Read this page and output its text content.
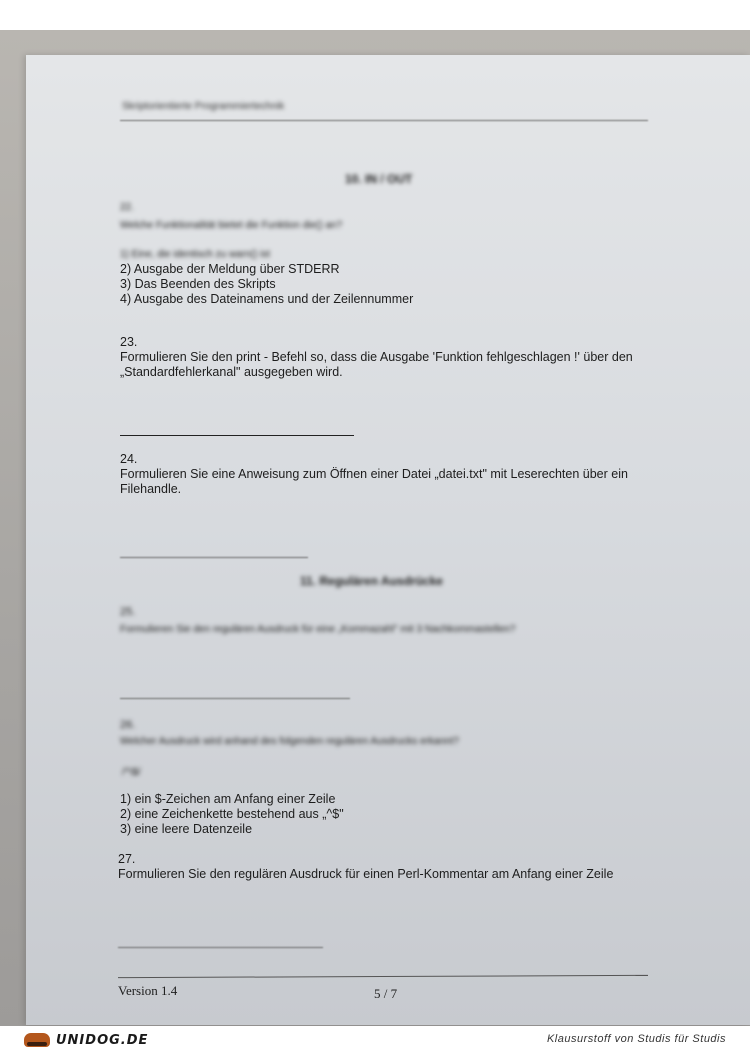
Skriptorientierte Programmiertechnik
10. IN / OUT
22.
Welche Funktionalität bietet die Funktion die() an?
1) Eine, die identisch zu warn() ist
2) Ausgabe der Meldung über STDERR
3) Das Beenden des Skripts
4) Ausgabe des Dateinamens und der Zeilennummer
23.
Formulieren Sie den print - Befehl so, dass die Ausgabe 'Funktion fehlgeschlagen !' über den
„Standardfehlerkanal" ausgegeben wird.
24.
Formulieren Sie eine Anweisung zum Öffnen einer Datei „datei.txt" mit Leserechten über ein
Filehandle.
11. Regulären Ausdrücke
25.
Formulieren Sie den regulären Ausdruck für eine „Kommazahl" mit 3 Nachkommastellen?
26.
Welcher Ausdruck wird anhand des folgenden regulären Ausdrucks erkannt?
/^\$/
1) ein $-Zeichen am Anfang einer Zeile
2) eine Zeichenkette bestehend aus „^$"
3) eine leere Datenzeile
27.
Formulieren Sie den regulären Ausdruck für einen Perl-Kommentar am Anfang einer Zeile
Version 1.4	5 / 7
UNIDOG.DE	Klausurstoff von Studis für Studis
